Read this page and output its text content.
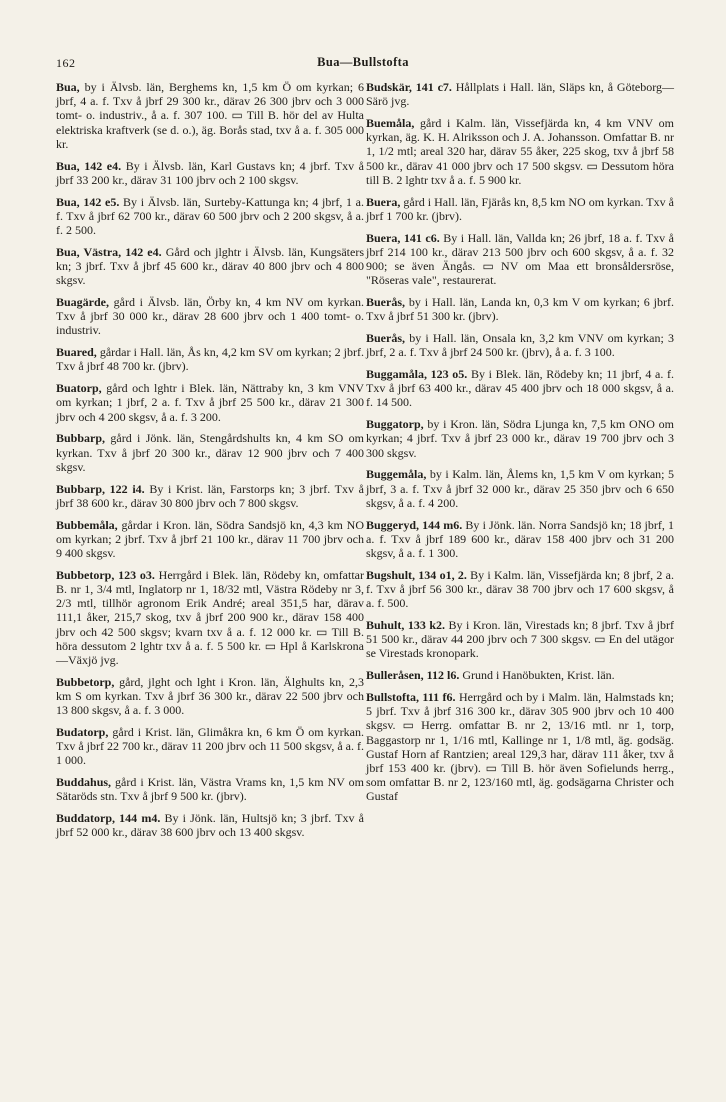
162	Bua—Bullstofta

Bua, by i Älvsb. län, Berghems kn, 1,5 km Ö om kyrkan; 6 jbrf, 4 a. f. Txv å jbrf 29 300 kr., därav 26 300 jbrv och 3 000 tomt- o. industriv., å a. f. 307 100. ▭ Till B. hör del av Hulta elektriska kraftverk (se d. o.), äg. Borås stad, txv å a. f. 305 000 kr.

Bua, 142 e4. By i Älvsb. län, Karl Gustavs kn; 4 jbrf. Txv å jbrf 33 200 kr., därav 31 100 jbrv och 2 100 skgsv.

Bua, 142 e5. By i Älvsb. län, Surteby-Kattunga kn; 4 jbrf, 1 a. f. Txv å jbrf 62 700 kr., därav 60 500 jbrv och 2 200 skgsv, å a. f. 2 500.

Bua, Västra, 142 e4. Gård och jlghtr i Älvsb. län, Kungsäters kn; 3 jbrf. Txv å jbrf 45 600 kr., därav 40 800 jbrv och 4 800 skgsv.

Buagärde, gård i Älvsb. län, Örby kn, 4 km NV om kyrkan. Txv å jbrf 30 000 kr., därav 28 600 jbrv och 1 400 tomt- o. industriv.

Buared, gårdar i Hall. län, Ås kn, 4,2 km SV om kyrkan; 2 jbrf. Txv å jbrf 48 700 kr. (jbrv).

Buatorp, gård och lghtr i Blek. län, Nättraby kn, 3 km VNV om kyrkan; 1 jbrf, 2 a. f. Txv å jbrf 25 500 kr., därav 21 300 jbrv och 4 200 skgsv, å a. f. 3 200.

Bubbarp, gård i Jönk. län, Stengårdshults kn, 4 km SO om kyrkan. Txv å jbrf 20 300 kr., därav 12 900 jbrv och 7 400 skgsv.

Bubbarp, 122 i4. By i Krist. län, Farstorps kn; 3 jbrf. Txv å jbrf 38 600 kr., därav 30 800 jbrv och 7 800 skgsv.

Bubbemåla, gårdar i Kron. län, Södra Sandsjö kn, 4,3 km NO om kyrkan; 2 jbrf. Txv å jbrf 21 100 kr., därav 11 700 jbrv och 9 400 skgsv.

Bubbetorp, 123 o3. Herrgård i Blek. län, Rödeby kn, omfattar B. nr 1, 3/4 mtl, Inglatorp nr 1, 18/32 mtl, Västra Rödeby nr 3, 2/3 mtl, tillhör agronom Erik André; areal 351,5 har, därav 111,1 åker, 215,7 skog, txv å jbrf 200 900 kr., därav 158 400 jbrv och 42 500 skgsv; kvarn txv å a. f. 12 000 kr. ▭ Till B. höra dessutom 2 lghtr txv å a. f. 5 500 kr. ▭ Hpl å Karlskrona—Växjö jvg.

Bubbetorp, gård, jlght och lght i Kron. län, Älghults kn, 2,3 km S om kyrkan. Txv å jbrf 36 300 kr., därav 22 500 jbrv och 13 800 skgsv, å a. f. 3 000.

Budatorp, gård i Krist. län, Glimåkra kn, 6 km Ö om kyrkan. Txv å jbrf 22 700 kr., därav 11 200 jbrv och 11 500 skgsv, å a. f. 1 000.

Buddahus, gård i Krist. län, Västra Vrams kn, 1,5 km NV om Sätaröds stn. Txv å jbrf 9 500 kr. (jbrv).

Buddatorp, 144 m4. By i Jönk. län, Hultsjö kn; 3 jbrf. Txv å jbrf 52 000 kr., därav 38 600 jbrv och 13 400 skgsv.

Budskär, 141 c7. Hållplats i Hall. län, Släps kn, å Göteborg—Särö jvg.

Buemåla, gård i Kalm. län, Vissefjärda kn, 4 km VNV om kyrkan, äg. K. H. Alriksson och J. A. Johansson. Omfattar B. nr 1, 1/2 mtl; areal 320 har, därav 55 åker, 225 skog, txv å jbrf 58 500 kr., därav 41 000 jbrv och 17 500 skgsv. ▭ Dessutom höra till B. 2 lghtr txv å a. f. 5 900 kr.

Buera, gård i Hall. län, Fjärås kn, 8,5 km NO om kyrkan. Txv å jbrf 1 700 kr. (jbrv).

Buera, 141 c6. By i Hall. län, Vallda kn; 26 jbrf, 18 a. f. Txv å jbrf 214 100 kr., därav 213 500 jbrv och 600 skgsv, å a. f. 32 900; se även Ängås. ▭ NV om Maa ett bronsåldersröse, "Röseras vale", restaurerat.

Buerås, by i Hall. län, Landa kn, 0,3 km V om kyrkan; 6 jbrf. Txv å jbrf 51 300 kr. (jbrv).

Buerås, by i Hall. län, Onsala kn, 3,2 km VNV om kyrkan; 3 jbrf, 2 a. f. Txv å jbrf 24 500 kr. (jbrv), å a. f. 3 100.

Buggamåla, 123 o5. By i Blek. län, Rödeby kn; 11 jbrf, 4 a. f. Txv å jbrf 63 400 kr., därav 45 400 jbrv och 18 000 skgsv, å a. f. 14 500.

Buggatorp, by i Kron. län, Södra Ljunga kn, 7,5 km ONO om kyrkan; 4 jbrf. Txv å jbrf 23 000 kr., därav 19 700 jbrv och 3 300 skgsv.

Buggemåla, by i Kalm. län, Ålems kn, 1,5 km V om kyrkan; 5 jbrf, 3 a. f. Txv å jbrf 32 000 kr., därav 25 350 jbrv och 6 650 skgsv, å a. f. 4 200.

Buggeryd, 144 m6. By i Jönk. län. Norra Sandsjö kn; 18 jbrf, 1 a. f. Txv å jbrf 189 600 kr., därav 158 400 jbrv och 31 200 skgsv, å a. f. 1 300.

Bugshult, 134 o1, 2. By i Kalm. län, Vissefjärda kn; 8 jbrf, 2 a. f. Txv å jbrf 56 300 kr., därav 38 700 jbrv och 17 600 skgsv, å a. f. 500.

Buhult, 133 k2. By i Kron. län, Virestads kn; 8 jbrf. Txv å jbrf 51 500 kr., därav 44 200 jbrv och 7 300 skgsv. ▭ En del utägor se Virestads kronopark.

Bulleråsen, 112 l6. Grund i Hanöbukten, Krist. län.

Bullstofta, 111 f6. Herrgård och by i Malm. län, Halmstads kn; 5 jbrf. Txv å jbrf 316 300 kr., därav 305 900 jbrv och 10 400 skgsv. ▭ Herrg. omfattar B. nr 2, 13/16 mtl. nr 1, torp, Baggastorp nr 1, 1/16 mtl, Kallinge nr 1, 1/8 mtl, äg. godsäg. Gustaf Horn af Rantzien; areal 129,3 har, därav 111 åker, txv å jbrf 153 400 kr. (jbrv). ▭ Till B. hör även Sofielunds herrg., som omfattar B. nr 2, 123/160 mtl, äg. godsägarna Christer och Gustaf
